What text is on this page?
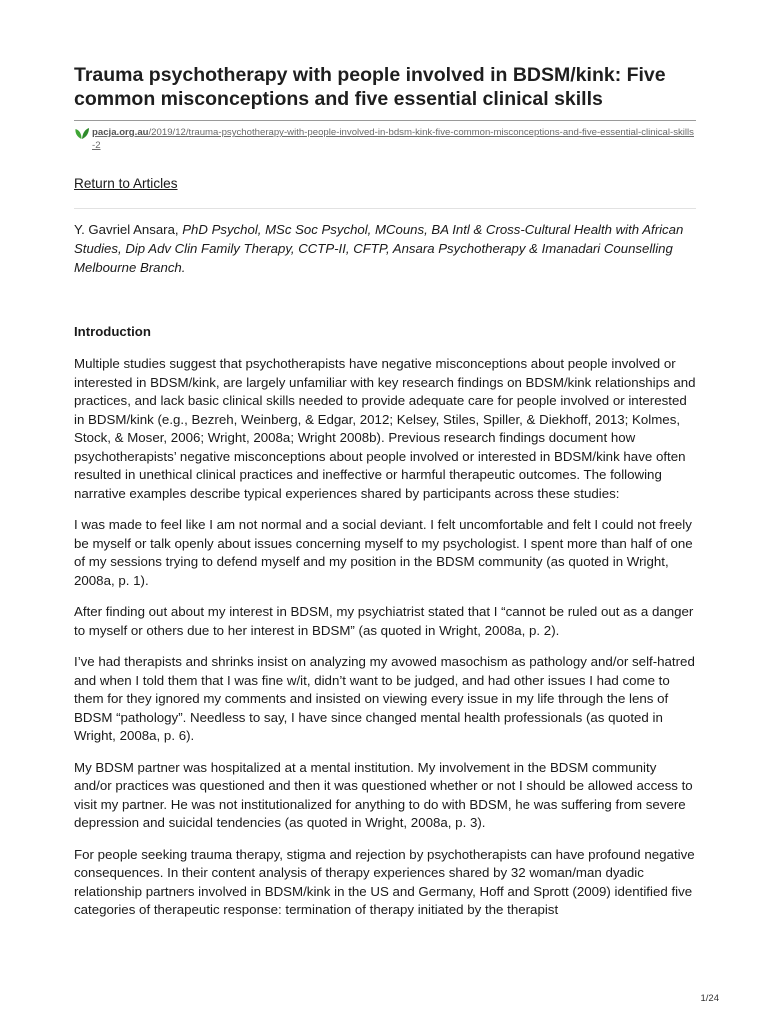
Trauma psychotherapy with people involved in BDSM/kink: Five common misconceptions and five essential clinical skills
pacja.org.au/2019/12/trauma-psychotherapy-with-people-involved-in-bdsm-kink-five-common-misconceptions-and-five-essential-clinical-skills-2
Return to Articles
Y. Gavriel Ansara, PhD Psychol, MSc Soc Psychol, MCouns, BA Intl & Cross-Cultural Health with African Studies, Dip Adv Clin Family Therapy, CCTP-II, CFTP, Ansara Psychotherapy & Imanadari Counselling Melbourne Branch.
Introduction

Multiple studies suggest that psychotherapists have negative misconceptions about people involved or interested in BDSM/kink, are largely unfamiliar with key research findings on BDSM/kink relationships and practices, and lack basic clinical skills needed to provide adequate care for people involved or interested in BDSM/kink (e.g., Bezreh, Weinberg, & Edgar, 2012; Kelsey, Stiles, Spiller, & Diekhoff, 2013; Kolmes, Stock, & Moser, 2006; Wright, 2008a; Wright 2008b). Previous research findings document how psychotherapists’ negative misconceptions about people involved or interested in BDSM/kink have often resulted in unethical clinical practices and ineffective or harmful therapeutic outcomes. The following narrative examples describe typical experiences shared by participants across these studies:

I was made to feel like I am not normal and a social deviant. I felt uncomfortable and felt I could not freely be myself or talk openly about issues concerning myself to my psychologist. I spent more than half of one of my sessions trying to defend myself and my position in the BDSM community (as quoted in Wright, 2008a, p. 1).

After finding out about my interest in BDSM, my psychiatrist stated that I “cannot be ruled out as a danger to myself or others due to her interest in BDSM” (as quoted in Wright, 2008a, p. 2).

I’ve had therapists and shrinks insist on analyzing my avowed masochism as pathology and/or self-hatred and when I told them that I was fine w/it, didn’t want to be judged, and had other issues I had come to them for they ignored my comments and insisted on viewing every issue in my life through the lens of BDSM “pathology”. Needless to say, I have since changed mental health professionals (as quoted in Wright, 2008a, p. 6).

My BDSM partner was hospitalized at a mental institution. My involvement in the BDSM community and/or practices was questioned and then it was questioned whether or not I should be allowed access to visit my partner. He was not institutionalized for anything to do with BDSM, he was suffering from severe depression and suicidal tendencies (as quoted in Wright, 2008a, p. 3).

For people seeking trauma therapy, stigma and rejection by psychotherapists can have profound negative consequences. In their content analysis of therapy experiences shared by 32 woman/man dyadic relationship partners involved in BDSM/kink in the US and Germany, Hoff and Sprott (2009) identified five categories of therapeutic response: termination of therapy initiated by the therapist

1/24
